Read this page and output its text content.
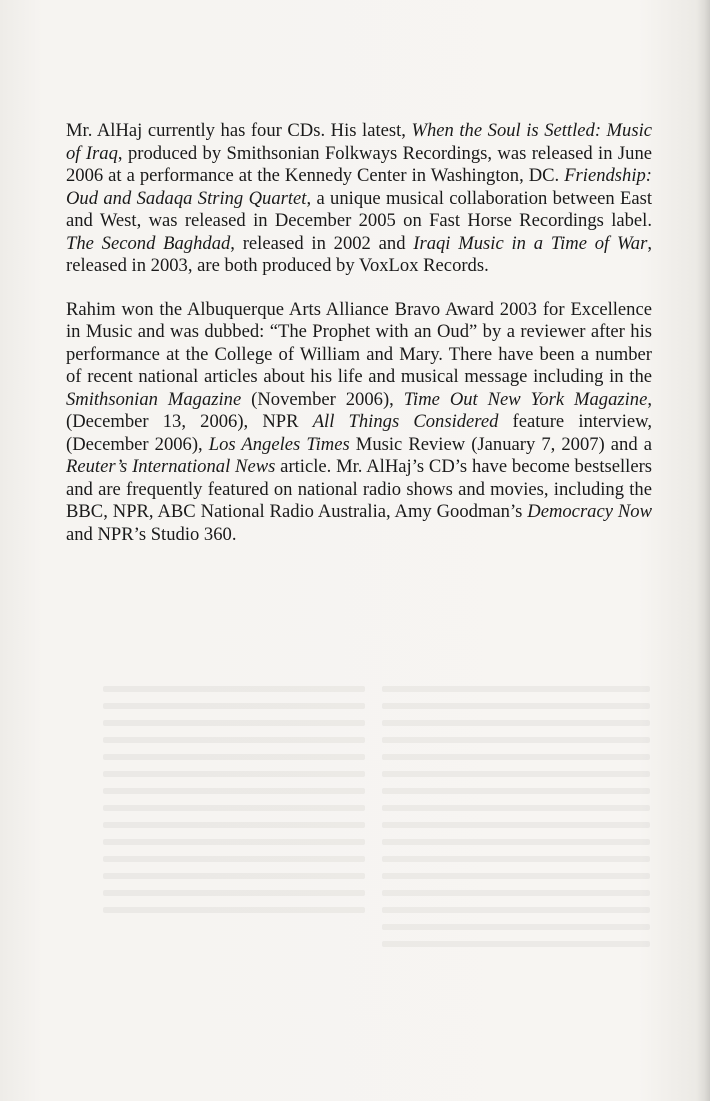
Mr. AlHaj currently has four CDs. His latest, When the Soul is Settled: Music of Iraq, produced by Smithsonian Folkways Recordings, was released in June 2006 at a performance at the Kennedy Center in Washington, DC. Friendship: Oud and Sadaqa String Quartet, a unique musical collaboration between East and West, was released in December 2005 on Fast Horse Recordings label. The Second Baghdad, released in 2002 and Iraqi Music in a Time of War, released in 2003, are both produced by VoxLox Records.

Rahim won the Albuquerque Arts Alliance Bravo Award 2003 for Excellence in Music and was dubbed: “The Prophet with an Oud” by a reviewer after his performance at the College of William and Mary. There have been a number of recent national articles about his life and musical message including in the Smithsonian Magazine (November 2006), Time Out New York Magazine, (December 13, 2006), NPR All Things Considered feature interview, (December 2006), Los Angeles Times Music Review (January 7, 2007) and a Reuter’s International News article. Mr. AlHaj’s CD’s have become bestsellers and are frequently featured on national radio shows and movies, including the BBC, NPR, ABC National Radio Australia, Amy Goodman’s Democracy Now and NPR’s Studio 360.
